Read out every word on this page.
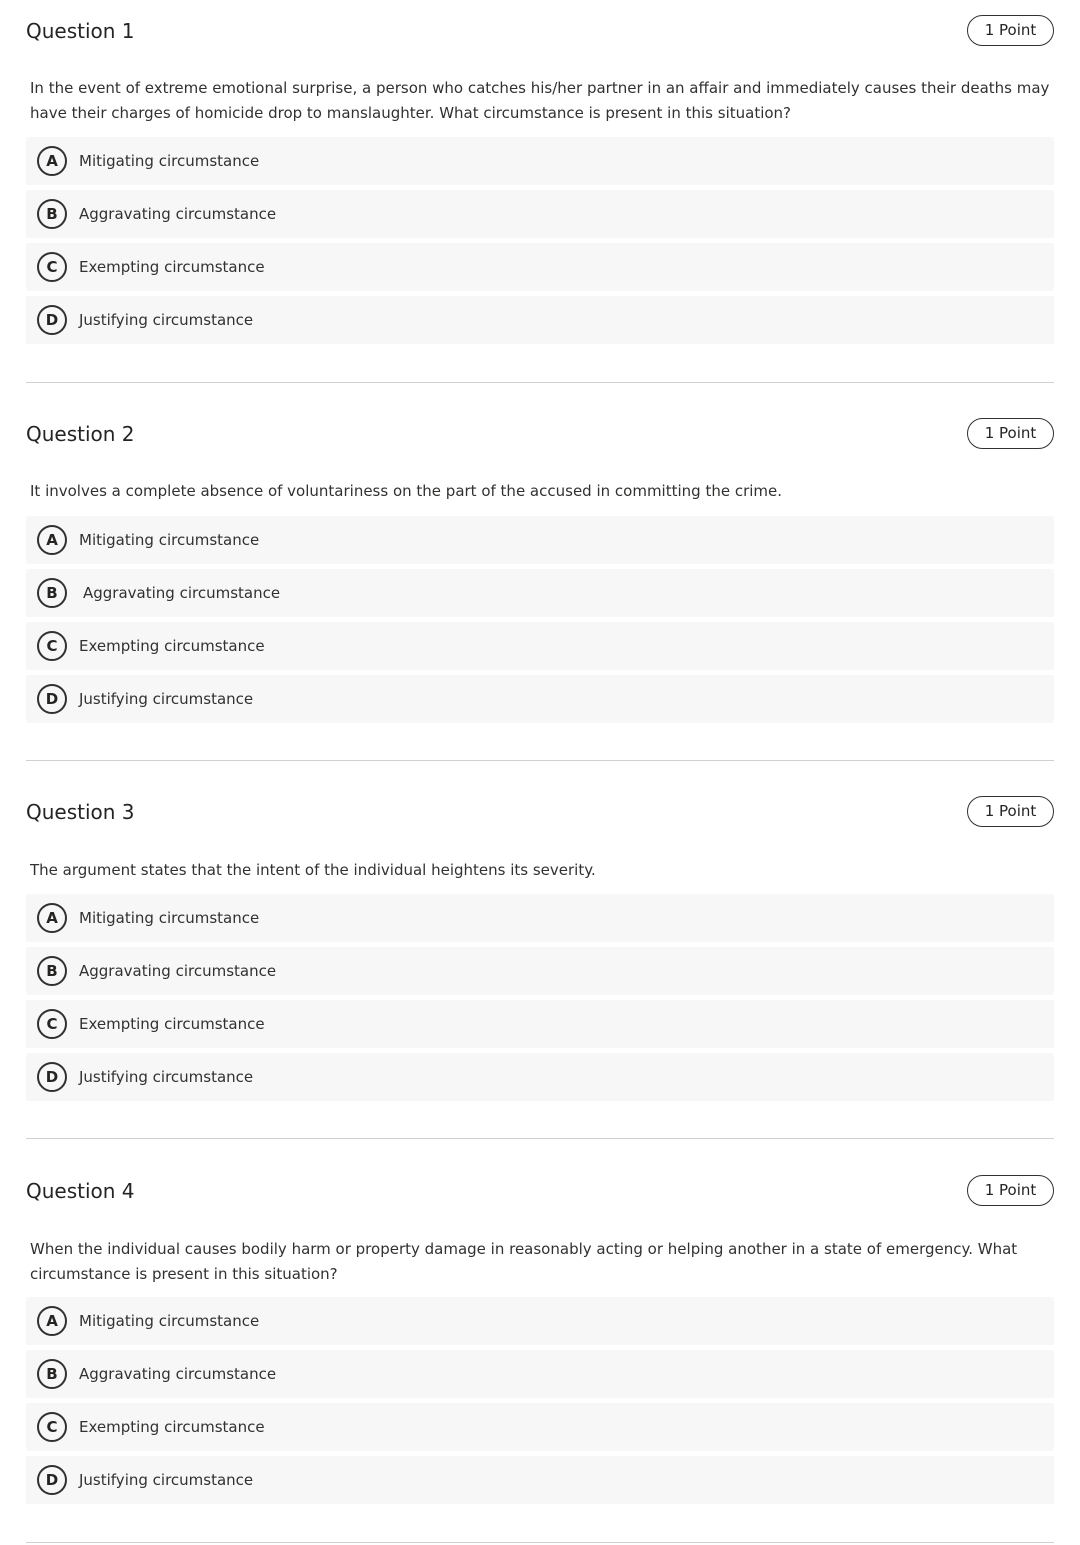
Question 1	1 Point
In the event of extreme emotional surprise, a person who catches his/her partner in an affair and immediately causes their deaths may have their charges of homicide drop to manslaughter. What circumstance is present in this situation?
A	Mitigating circumstance
B	Aggravating circumstance
C	Exempting circumstance
D	Justifying circumstance
Question 2	1 Point
It involves a complete absence of voluntariness on the part of the accused in committing the crime.
A	Mitigating circumstance
B	Aggravating circumstance
C	Exempting circumstance
D	Justifying circumstance
Question 3	1 Point
The argument states that the intent of the individual heightens its severity.
A	Mitigating circumstance
B	Aggravating circumstance
C	Exempting circumstance
D	Justifying circumstance
Question 4	1 Point
When the individual causes bodily harm or property damage in reasonably acting or helping another in a state of emergency. What circumstance is present in this situation?
A	Mitigating circumstance
B	Aggravating circumstance
C	Exempting circumstance
D	Justifying circumstance
